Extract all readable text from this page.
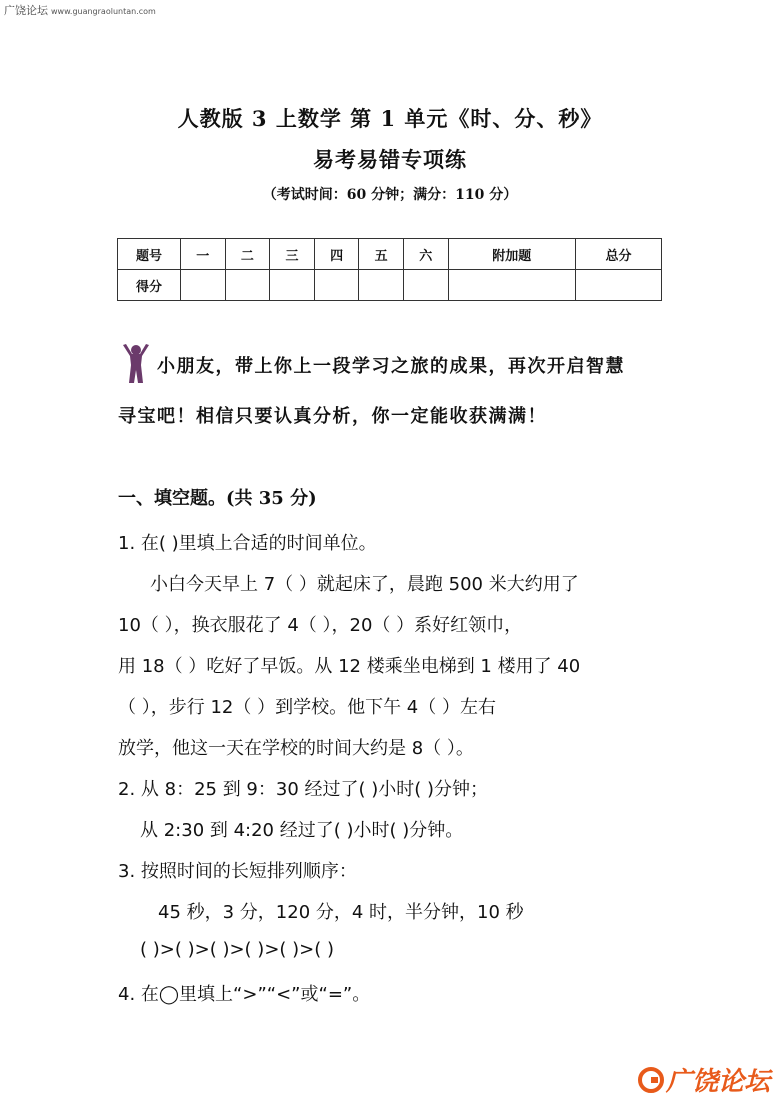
广饶论坛 www.guangraoluntan.com
人教版 3 上数学 第 1 单元《时、分、秒》
易考易错专项练
（考试时间：60 分钟；满分：110 分）
题号	一	二	三	四	五	六	附加题	总分
得分								
小朋友，带上你上一段学习之旅的成果，再次开启智慧
寻宝吧！相信只要认真分析，你一定能收获满满！
一、填空题。(共 35 分)
1. 在( )里填上合适的时间单位。
小白今天早上 7（ ）就起床了，晨跑 500 米大约用了
10（ ），换衣服花了 4（ ），20（ ）系好红领巾，
用 18（ ）吃好了早饭。从 12 楼乘坐电梯到 1 楼用了 40
（ ），步行 12（ ）到学校。他下午 4（ ）左右
放学，他这一天在学校的时间大约是 8（ ）。
2. 从 8：25 到 9：30 经过了( )小时( )分钟；
从 2:30 到 4:20 经过了( )小时( )分钟。
3. 按照时间的长短排列顺序：
45 秒，3 分，120 分，4 时，半分钟，10 秒
( )>( )>( )>( )>( )>( )
4. 在◯里填上“>”“<”或“=”。
广饶论坛
